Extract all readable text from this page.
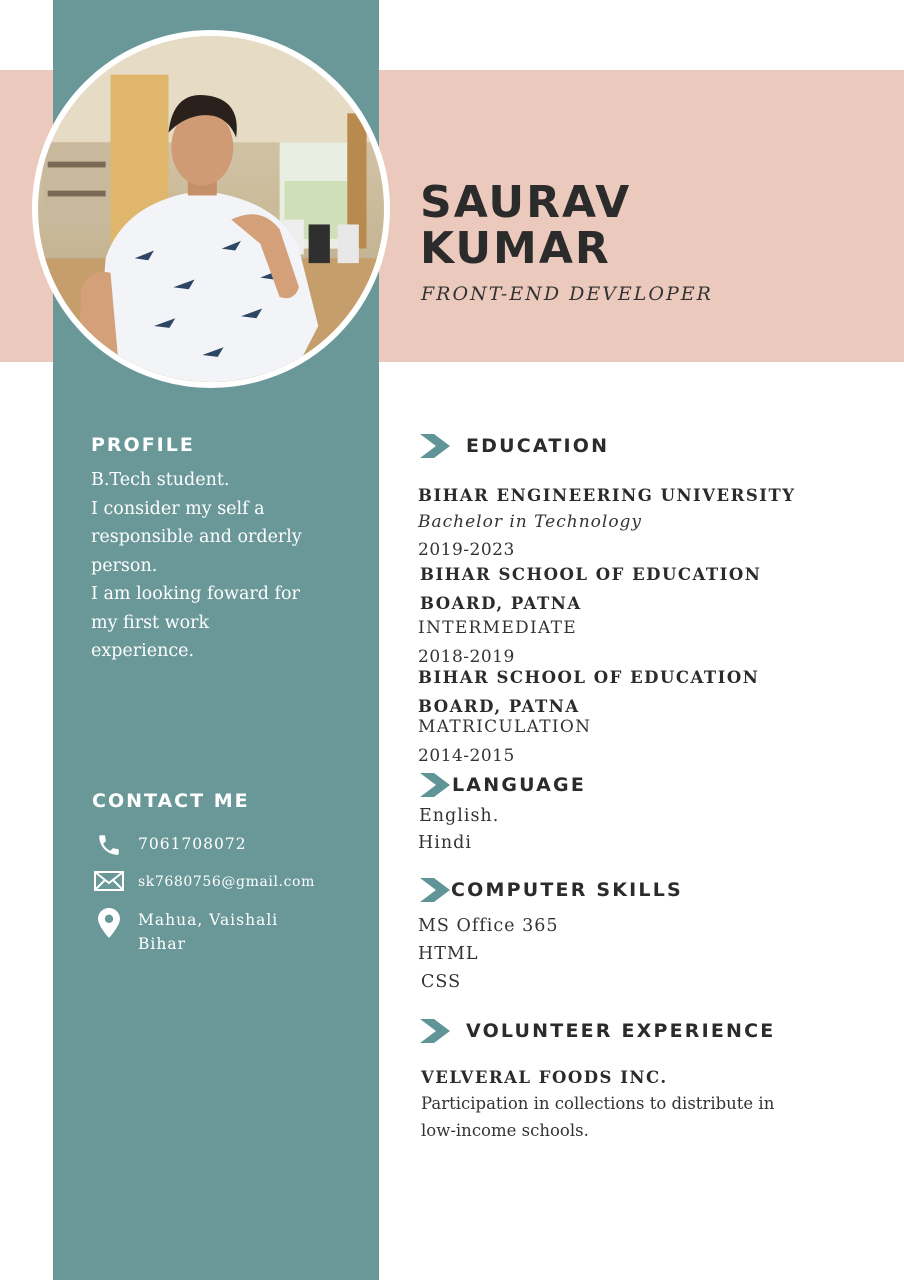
SAURAV
KUMAR
FRONT-END DEVELOPER
PROFILE
B.Tech student.
I consider my self a
responsible and orderly
person.
I am looking foward for
my first work
experience.
CONTACT ME
7061708072
sk7680756@gmail.com
Mahua, Vaishali
Bihar
EDUCATION
BIHAR ENGINEERING UNIVERSITY
Bachelor in Technology
2019-2023
BIHAR SCHOOL OF EDUCATION
BOARD, PATNA
INTERMEDIATE
2018-2019
BIHAR SCHOOL OF EDUCATION
BOARD, PATNA
MATRICULATION
2014-2015
LANGUAGE
English.
Hindi
COMPUTER SKILLS
MS Office 365
HTML
CSS
VOLUNTEER EXPERIENCE
VELVERAL FOODS INC.
Participation in collections to distribute in
low-income schools.
